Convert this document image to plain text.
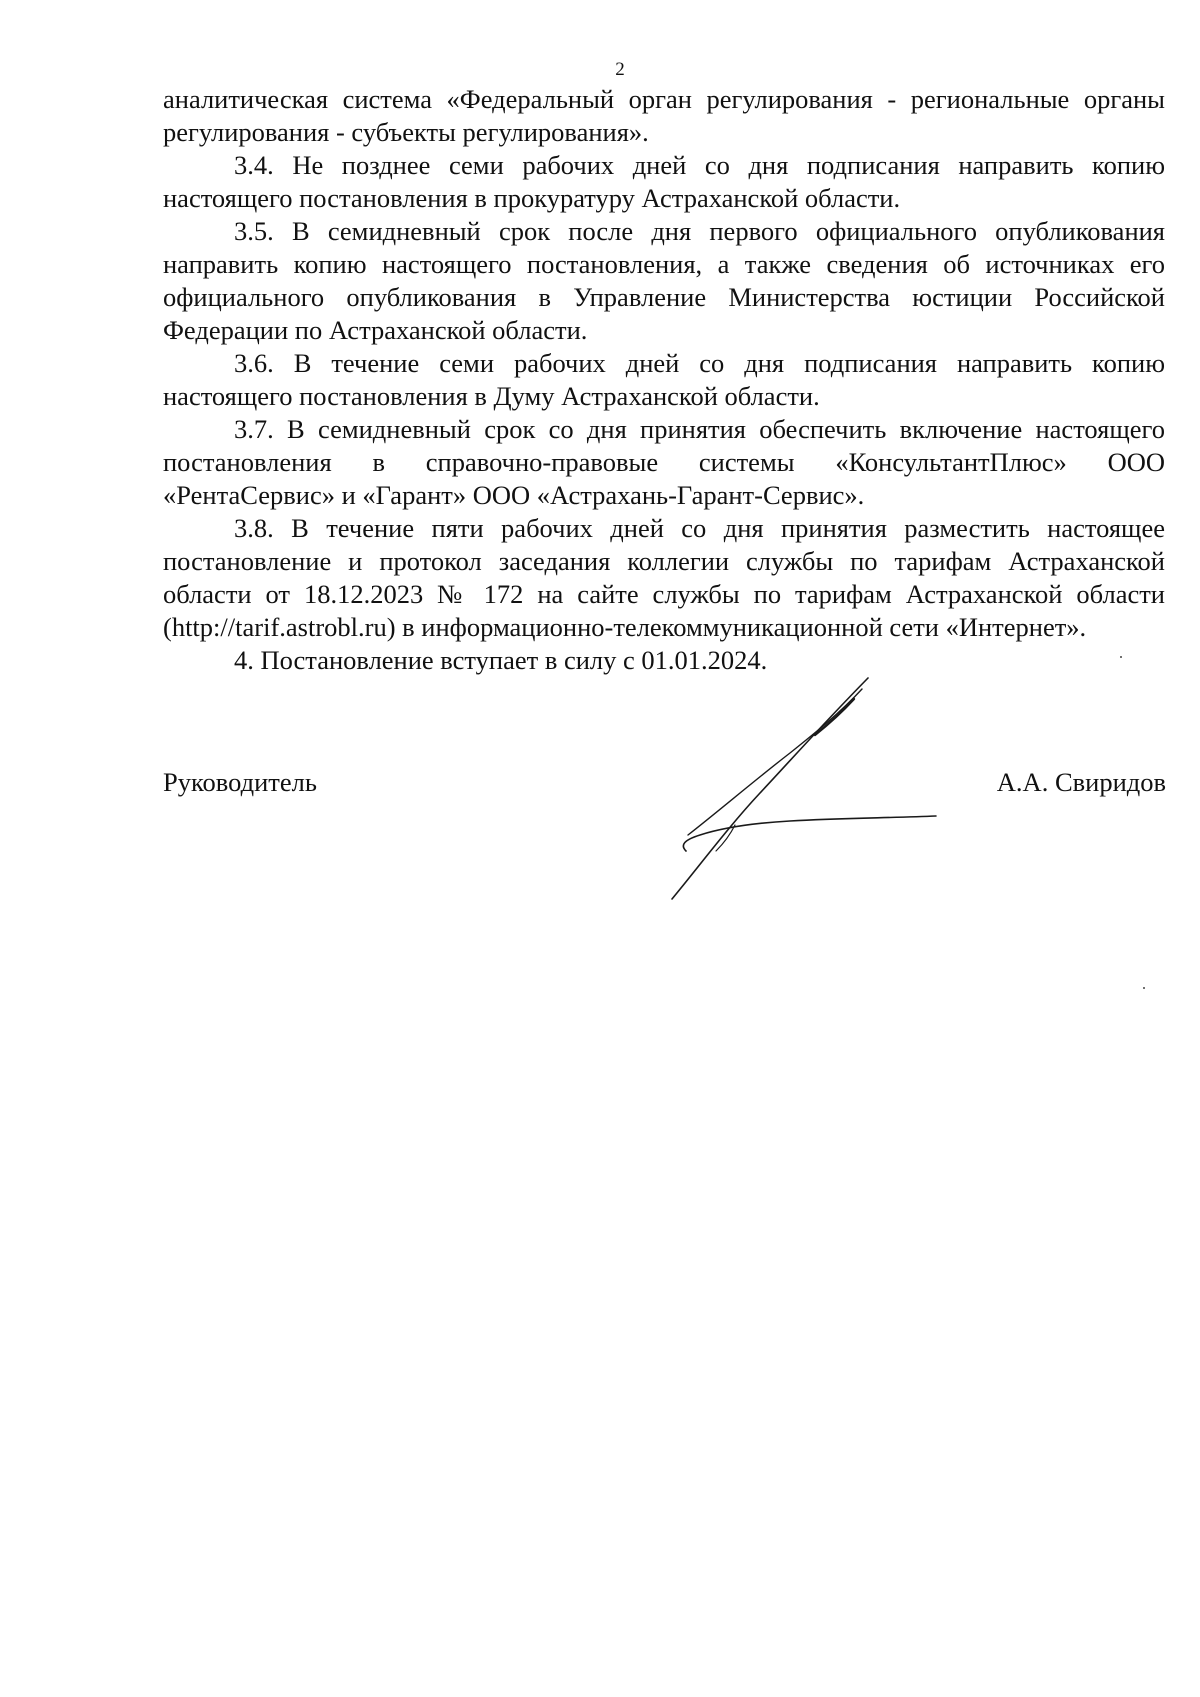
2

аналитическая система «Федеральный орган регулирования - региональные органы регулирования - субъекты регулирования».

3.4. Не позднее семи рабочих дней со дня подписания направить копию настоящего постановления в прокуратуру Астраханской области.

3.5. В семидневный срок после дня первого официального опубликования направить копию настоящего постановления, а также сведения об источниках его официального опубликования в Управление Министерства юстиции Российской Федерации по Астраханской области.

3.6. В течение семи рабочих дней со дня подписания направить копию настоящего постановления в Думу Астраханской области.

3.7. В семидневный срок со дня принятия обеспечить включение настоящего постановления в справочно-правовые системы «КонсультантПлюс» ООО «РентаСервис» и «Гарант» ООО «Астрахань-Гарант-Сервис».

3.8. В течение пяти рабочих дней со дня принятия разместить настоящее постановление и протокол заседания коллегии службы по тарифам Астраханской области от 18.12.2023 № 172 на сайте службы по тарифам Астраханской области (http://tarif.astrobl.ru) в информационно-телекоммуникационной сети «Интернет».

4. Постановление вступает в силу с 01.01.2024.

Руководитель	А.А. Свиридов
